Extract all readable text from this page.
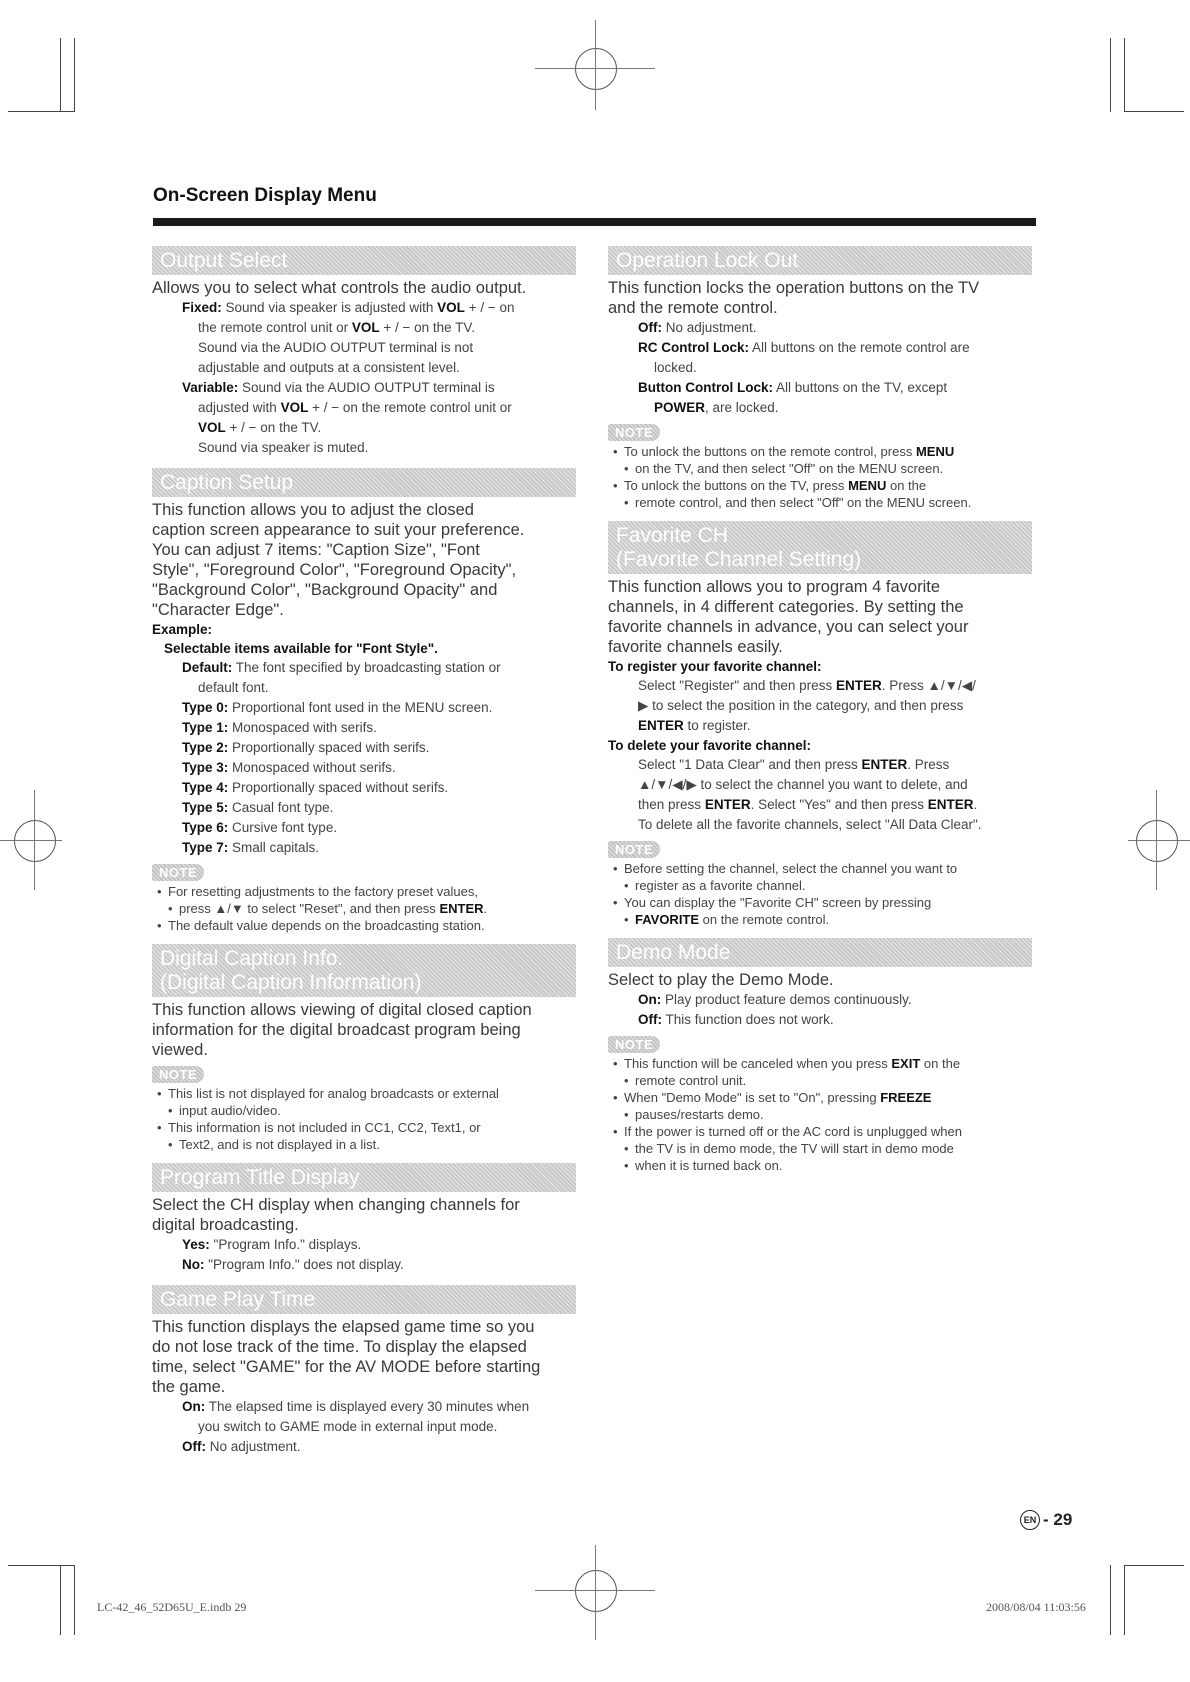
On-Screen Display Menu
Output Select
Allows you to select what controls the audio output.
Fixed: Sound via speaker is adjusted with VOL + / − on
the remote control unit or VOL + / − on the TV.
Sound via the AUDIO OUTPUT terminal is not
adjustable and outputs at a consistent level.
Variable: Sound via the AUDIO OUTPUT terminal is
adjusted with VOL + / − on the remote control unit or
VOL + / − on the TV.
Sound via speaker is muted.
Caption Setup
This function allows you to adjust the closed
caption screen appearance to suit your preference.
You can adjust 7 items: "Caption Size", "Font
Style", "Foreground Color", "Foreground Opacity",
"Background Color", "Background Opacity" and
"Character Edge".
Example:
Selectable items available for "Font Style".
Default: The font specified by broadcasting station or
default font.
Type 0: Proportional font used in the MENU screen.
Type 1: Monospaced with serifs.
Type 2: Proportionally spaced with serifs.
Type 3: Monospaced without serifs.
Type 4: Proportionally spaced without serifs.
Type 5: Casual font type.
Type 6: Cursive font type.
Type 7: Small capitals.
NOTE
• For resetting adjustments to the factory preset values,
• press ▲/▼ to select "Reset", and then press ENTER.
• The default value depends on the broadcasting station.
Digital Caption Info.
(Digital Caption Information)
This function allows viewing of digital closed caption
information for the digital broadcast program being
viewed.
NOTE
• This list is not displayed for analog broadcasts or external
• input audio/video.
• This information is not included in CC1, CC2, Text1, or
• Text2, and is not displayed in a list.
Program Title Display
Select the CH display when changing channels for
digital broadcasting.
Yes: "Program Info." displays.
No: "Program Info." does not display.
Game Play Time
This function displays the elapsed game time so you
do not lose track of the time. To display the elapsed
time, select "GAME" for the AV MODE before starting
the game.
On: The elapsed time is displayed every 30 minutes when
you switch to GAME mode in external input mode.
Off: No adjustment.
Operation Lock Out
This function locks the operation buttons on the TV
and the remote control.
Off: No adjustment.
RC Control Lock: All buttons on the remote control are
locked.
Button Control Lock: All buttons on the TV, except
POWER, are locked.
NOTE
• To unlock the buttons on the remote control, press MENU
• on the TV, and then select "Off" on the MENU screen.
• To unlock the buttons on the TV, press MENU on the
• remote control, and then select "Off" on the MENU screen.
Favorite CH
(Favorite Channel Setting)
This function allows you to program 4 favorite
channels, in 4 different categories. By setting the
favorite channels in advance, you can select your
favorite channels easily.
To register your favorite channel:
Select "Register" and then press ENTER. Press ▲/▼/◀/
▶ to select the position in the category, and then press
ENTER to register.
To delete your favorite channel:
Select "1 Data Clear" and then press ENTER. Press
▲/▼/◀/▶ to select the channel you want to delete, and
then press ENTER. Select "Yes" and then press ENTER.
To delete all the favorite channels, select "All Data Clear".
NOTE
• Before setting the channel, select the channel you want to
• register as a favorite channel.
• You can display the "Favorite CH" screen by pressing
• FAVORITE on the remote control.
Demo Mode
Select to play the Demo Mode.
On: Play product feature demos continuously.
Off: This function does not work.
NOTE
• This function will be canceled when you press EXIT on the
• remote control unit.
• When "Demo Mode" is set to "On", pressing FREEZE
• pauses/restarts demo.
• If the power is turned off or the AC cord is unplugged when
• the TV is in demo mode, the TV will start in demo mode
• when it is turned back on.
EN - 29
LC-42_46_52D65U_E.indb 29	2008/08/04 11:03:56
